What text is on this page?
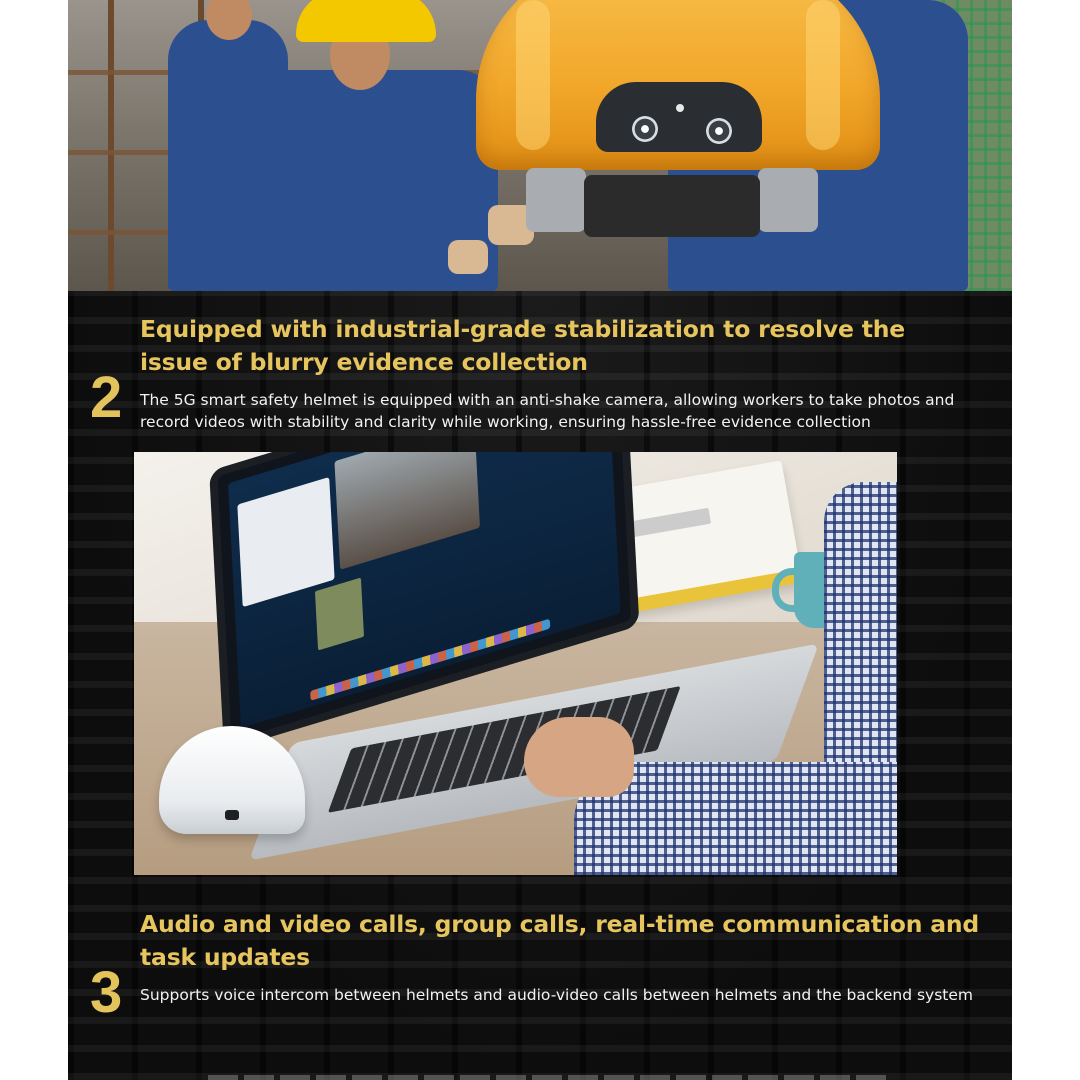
2
Equipped with industrial-grade stabilization to resolve the issue of blurry evidence collection

The 5G smart safety helmet is equipped with an anti-shake camera, allowing workers to take photos and record videos with stability and clarity while working, ensuring hassle-free evidence collection

3
Audio and video calls, group calls, real-time communication and task updates

Supports voice intercom between helmets and audio-video calls between helmets and the backend system
